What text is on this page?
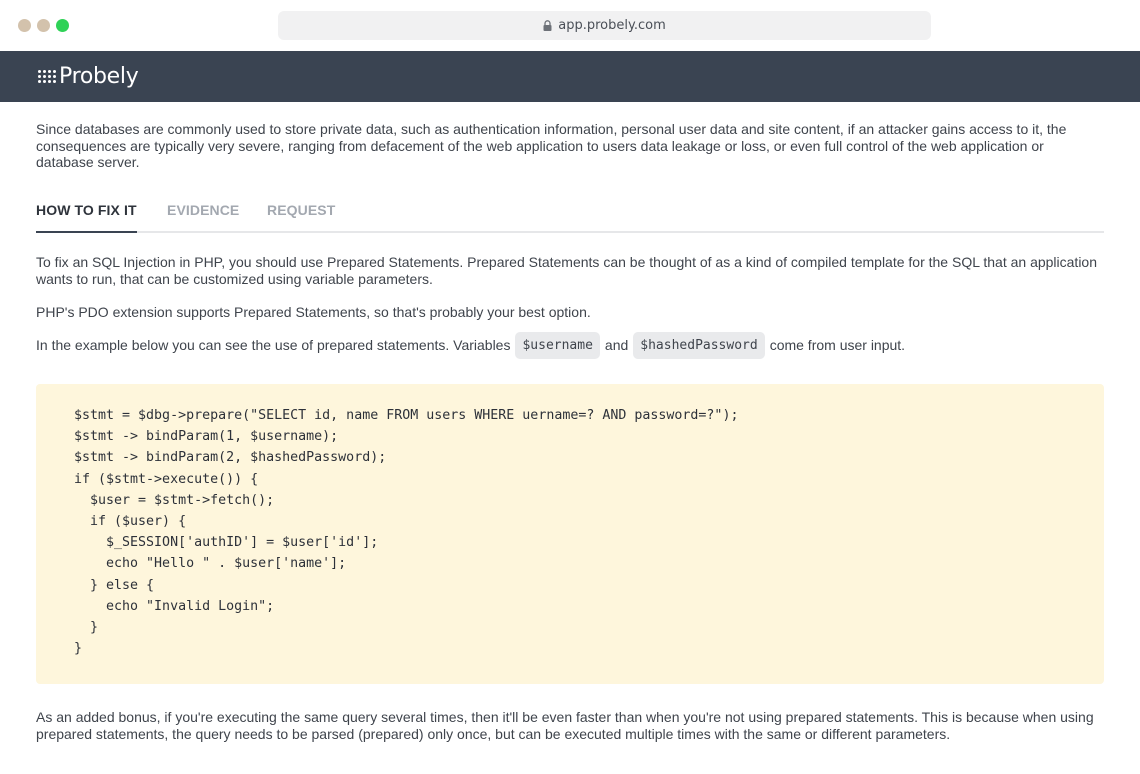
app.probely.com
Probely

Since databases are commonly used to store private data, such as authentication information, personal user data and site content, if an attacker gains access to it, the consequences are typically very severe, ranging from defacement of the web application to users data leakage or loss, or even full control of the web application or database server.

HOW TO FIX IT EVIDENCE REQUEST

To fix an SQL Injection in PHP, you should use Prepared Statements. Prepared Statements can be thought of as a kind of compiled template for the SQL that an application wants to run, that can be customized using variable parameters.

PHP's PDO extension supports Prepared Statements, so that's probably your best option.

In the example below you can see the use of prepared statements. Variables $username and $hashedPassword come from user input.

$stmt = $dbg->prepare("SELECT id, name FROM users WHERE uername=? AND password=?");
$stmt -> bindParam(1, $username);
$stmt -> bindParam(2, $hashedPassword);
if ($stmt->execute()) {
$user = $stmt->fetch();
if ($user) {
$_SESSION['authID'] = $user['id'];
echo "Hello " . $user['name'];
} else {
echo "Invalid Login";
}
}

As an added bonus, if you're executing the same query several times, then it'll be even faster than when you're not using prepared statements. This is because when using prepared statements, the query needs to be parsed (prepared) only once, but can be executed multiple times with the same or different parameters.
